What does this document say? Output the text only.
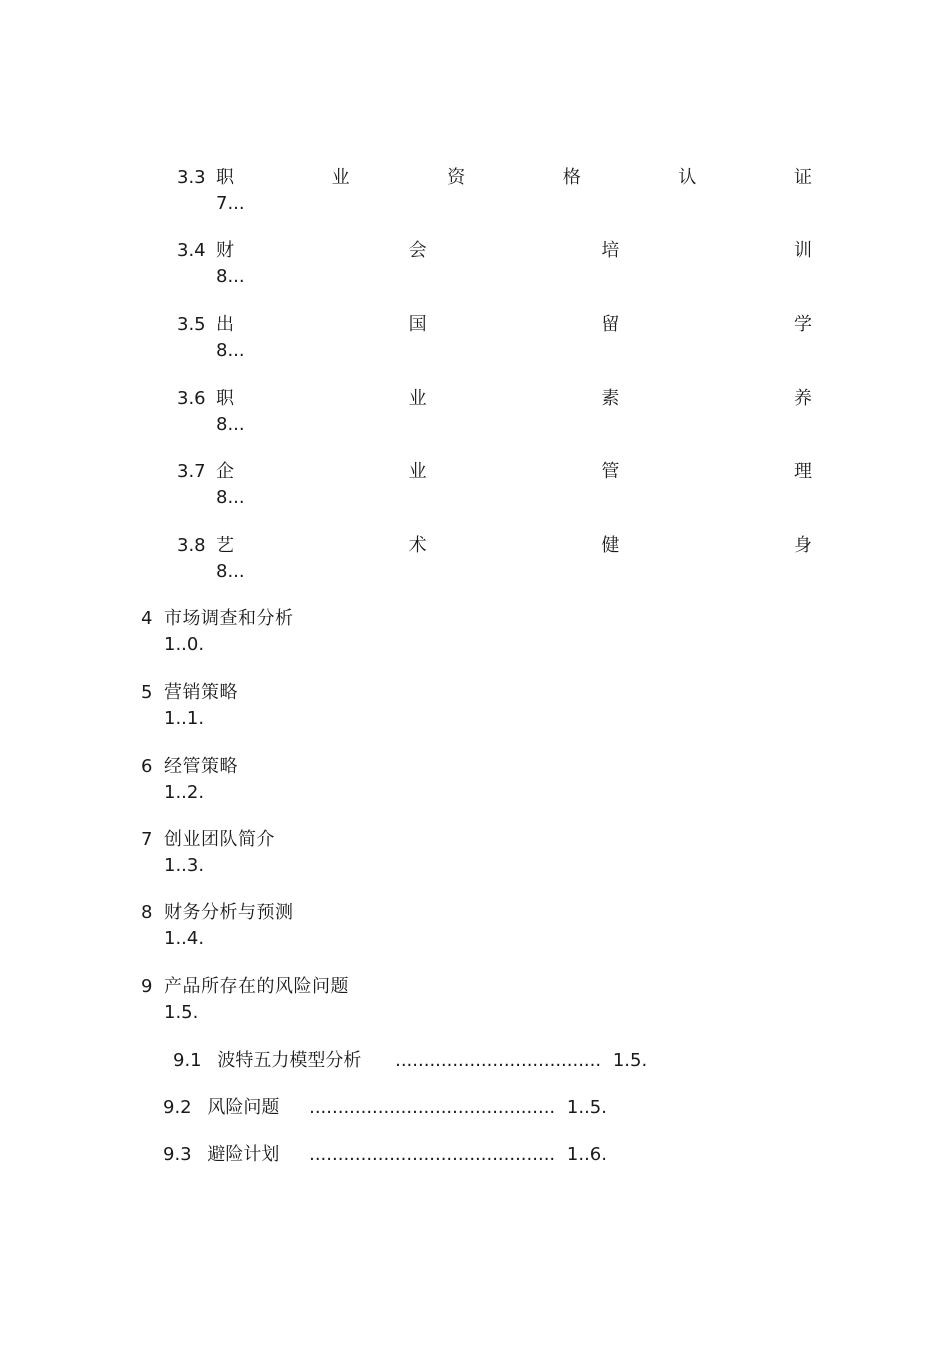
3.3 职	业	资	格	认	证
7...
3.4 财	会	培	训
8...
3.5 出	国	留	学
8...
3.6 职	业	素	养
8...
3.7 企	业	管	理
8...
3.8 艺	术	健	身
8...
4 市场调查和分析
1..0.
5 营销策略
1..1.
6 经管策略
1..2.
7 创业团队简介
1..3.
8 财务分析与预测
1..4.
9 产品所存在的风险问题
1.5.
9.1 波特五力模型分析 .................................... 1.5.
9.2 风险问题 ........................................... 1..5.
9.3 避险计划 ........................................... 1..6.
